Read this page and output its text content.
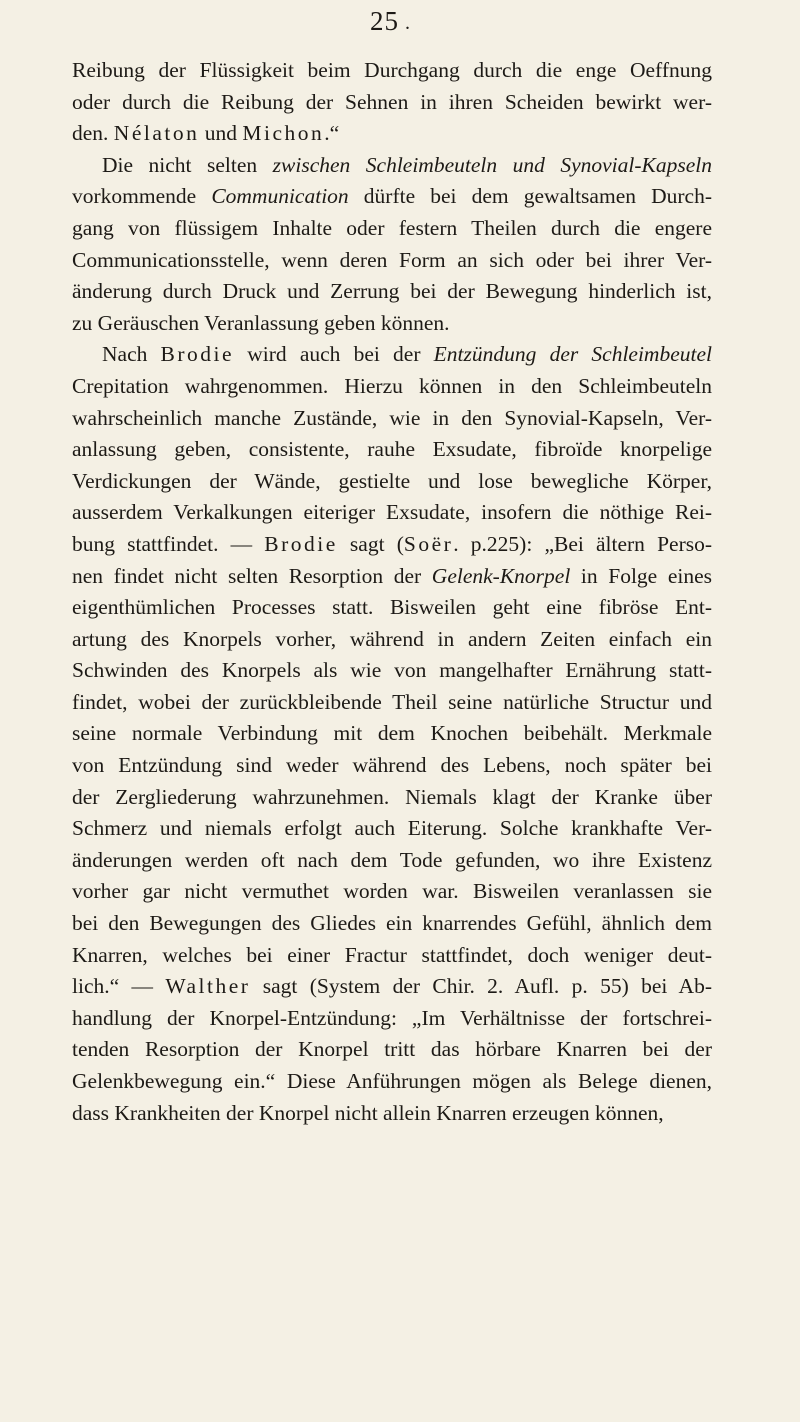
25 .
Reibung der Flüssigkeit beim Durchgang durch die enge Oeffnung
oder durch die Reibung der Sehnen in ihren Scheiden bewirkt wer-
den. Nélaton und Michon.“
Die nicht selten zwischen Schleimbeuteln und Synovial-Kapseln
vorkommende Communication dürfte bei dem gewaltsamen Durch-
gang von flüssigem Inhalte oder festern Theilen durch die engere
Communicationsstelle, wenn deren Form an sich oder bei ihrer Ver-
änderung durch Druck und Zerrung bei der Bewegung hinderlich ist,
zu Geräuschen Veranlassung geben können.
Nach Brodie wird auch bei der Entzündung der Schleimbeutel
Crepitation wahrgenommen. Hierzu können in den Schleimbeuteln
wahrscheinlich manche Zustände, wie in den Synovial-Kapseln, Ver-
anlassung geben, consistente, rauhe Exsudate, fibroïde knorpelige
Verdickungen der Wände, gestielte und lose bewegliche Körper,
ausserdem Verkalkungen eiteriger Exsudate, insofern die nöthige Rei-
bung stattfindet. — Brodie sagt (Soër. p.225): „Bei ältern Perso-
nen findet nicht selten Resorption der Gelenk-Knorpel in Folge eines
eigenthümlichen Processes statt. Bisweilen geht eine fibröse Ent-
artung des Knorpels vorher, während in andern Zeiten einfach ein
Schwinden des Knorpels als wie von mangelhafter Ernährung statt-
findet, wobei der zurückbleibende Theil seine natürliche Structur und
seine normale Verbindung mit dem Knochen beibehält. Merkmale
von Entzündung sind weder während des Lebens, noch später bei
der Zergliederung wahrzunehmen. Niemals klagt der Kranke über
Schmerz und niemals erfolgt auch Eiterung. Solche krankhafte Ver-
änderungen werden oft nach dem Tode gefunden, wo ihre Existenz
vorher gar nicht vermuthet worden war. Bisweilen veranlassen sie
bei den Bewegungen des Gliedes ein knarrendes Gefühl, ähnlich dem
Knarren, welches bei einer Fractur stattfindet, doch weniger deut-
lich.“ — Walther sagt (System der Chir. 2. Aufl. p. 55) bei Ab-
handlung der Knorpel-Entzündung: „Im Verhältnisse der fortschrei-
tenden Resorption der Knorpel tritt das hörbare Knarren bei der
Gelenkbewegung ein.“ Diese Anführungen mögen als Belege dienen,
dass Krankheiten der Knorpel nicht allein Knarren erzeugen können,
